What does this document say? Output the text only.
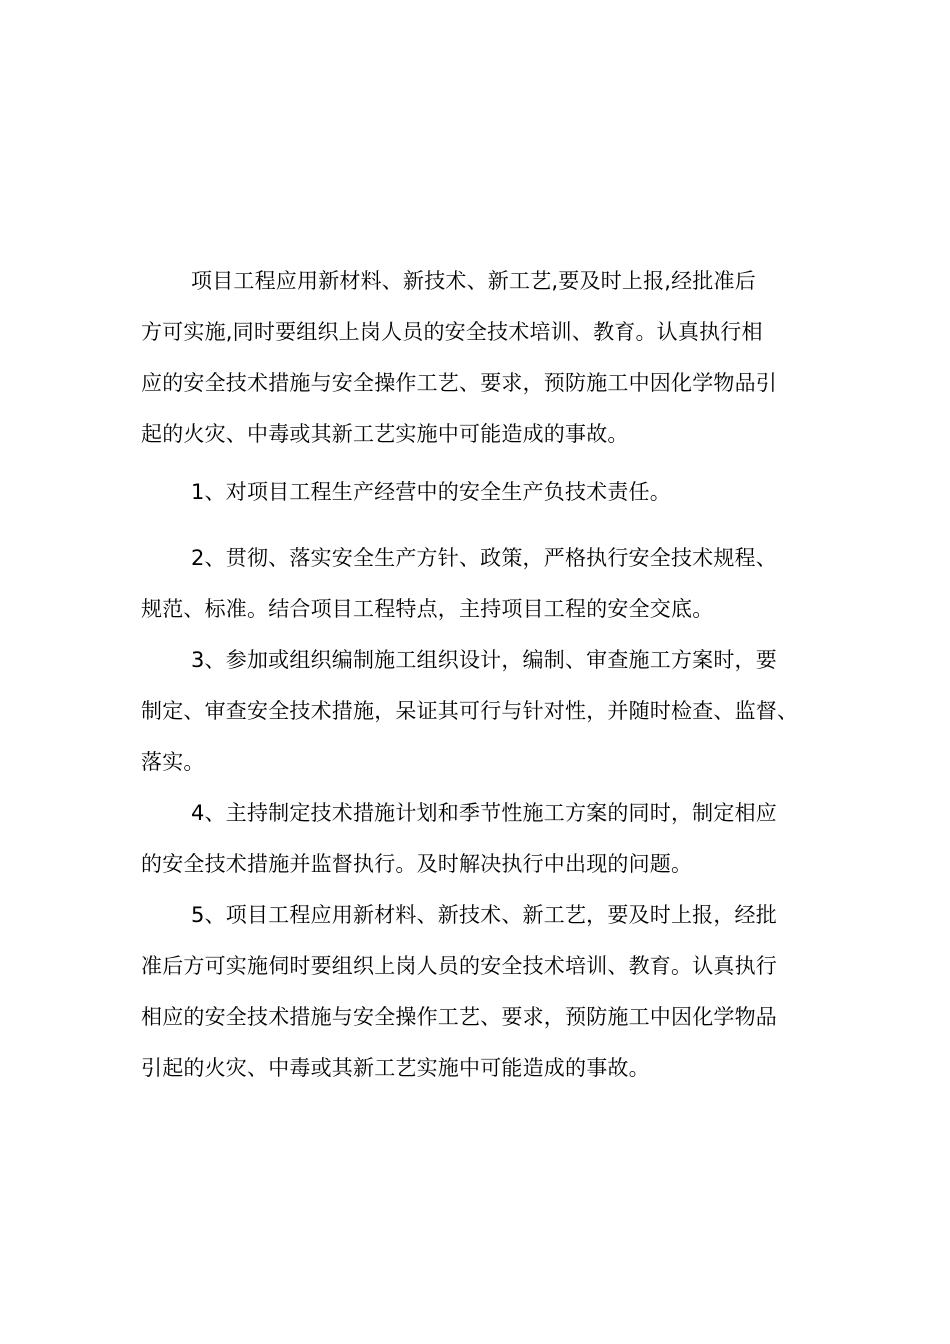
项目工程应用新材料、新技术、新工艺,要及时上报,经批准后
方可实施,同时要组织上岗人员的安全技术培训、教育。认真执行相
应的安全技术措施与安全操作工艺、要求，预防施工中因化学物品引
起的火灾、中毒或其新工艺实施中可能造成的事故。
1、对项目工程生产经营中的安全生产负技术责任。
2、贯彻、落实安全生产方针、政策，严格执行安全技术规程、
规范、标准。结合项目工程特点，主持项目工程的安全交底。
3、参加或组织编制施工组织设计，编制、审查施工方案时，要
制定、审查安全技术措施，呆证其可行与针对性，并随时检查、监督、
落实。
4、主持制定技术措施计划和季节性施工方案的同时，制定相应
的安全技术措施并监督执行。及时解决执行中出现的问题。
5、项目工程应用新材料、新技术、新工艺，要及时上报，经批
准后方可实施伺时要组织上岗人员的安全技术培训、教育。认真执行
相应的安全技术措施与安全操作工艺、要求，预防施工中因化学物品
引起的火灾、中毒或其新工艺实施中可能造成的事故。
